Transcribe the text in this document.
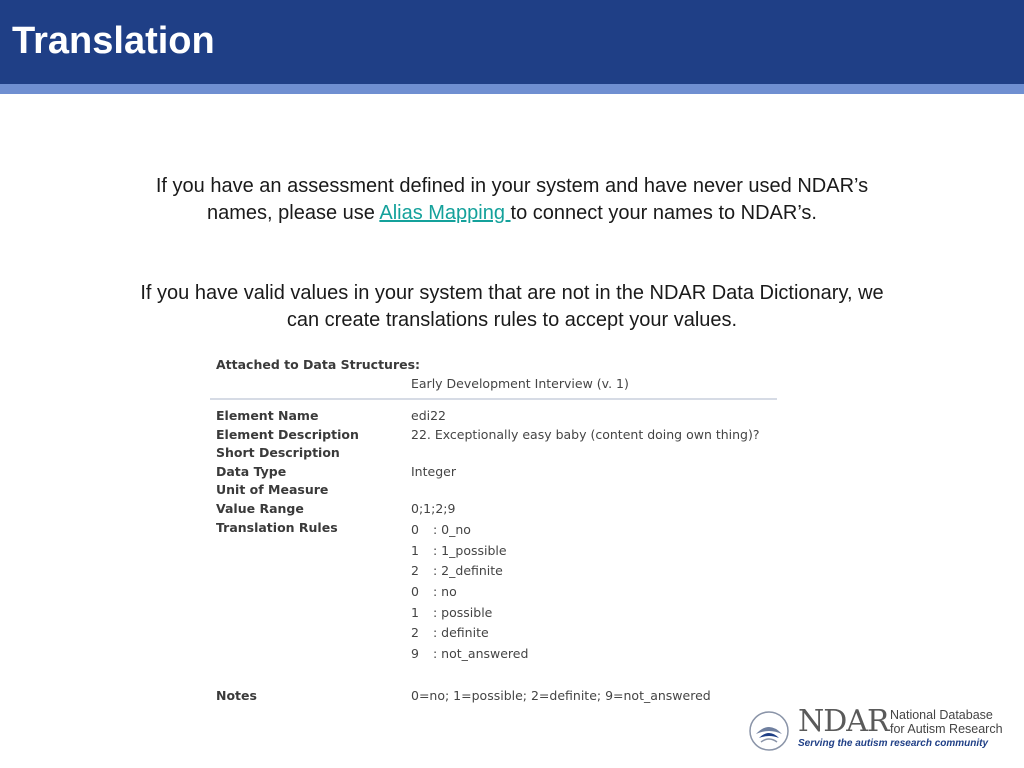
Translation
If you have an assessment defined in your system and have never used NDAR’s names, please use Alias Mapping to connect your names to NDAR’s.
If you have valid values in your system that are not in the NDAR Data Dictionary, we can create translations rules to accept your values.
Attached to Data Structures:
Early Development Interview (v. 1)
Element Name	edi22
Element Description	22. Exceptionally easy baby (content doing own thing)?
Short Description
Data Type	Integer
Unit of Measure
Value Range	0;1;2;9
Translation Rules	0 : 0_no
1 : 1_possible
2 : 2_definite
0 : no
1 : possible
2 : definite
9 : not_answered
Notes	0=no; 1=possible; 2=definite; 9=not_answered
NDAR National Database
for Autism Research
Serving the autism research community
